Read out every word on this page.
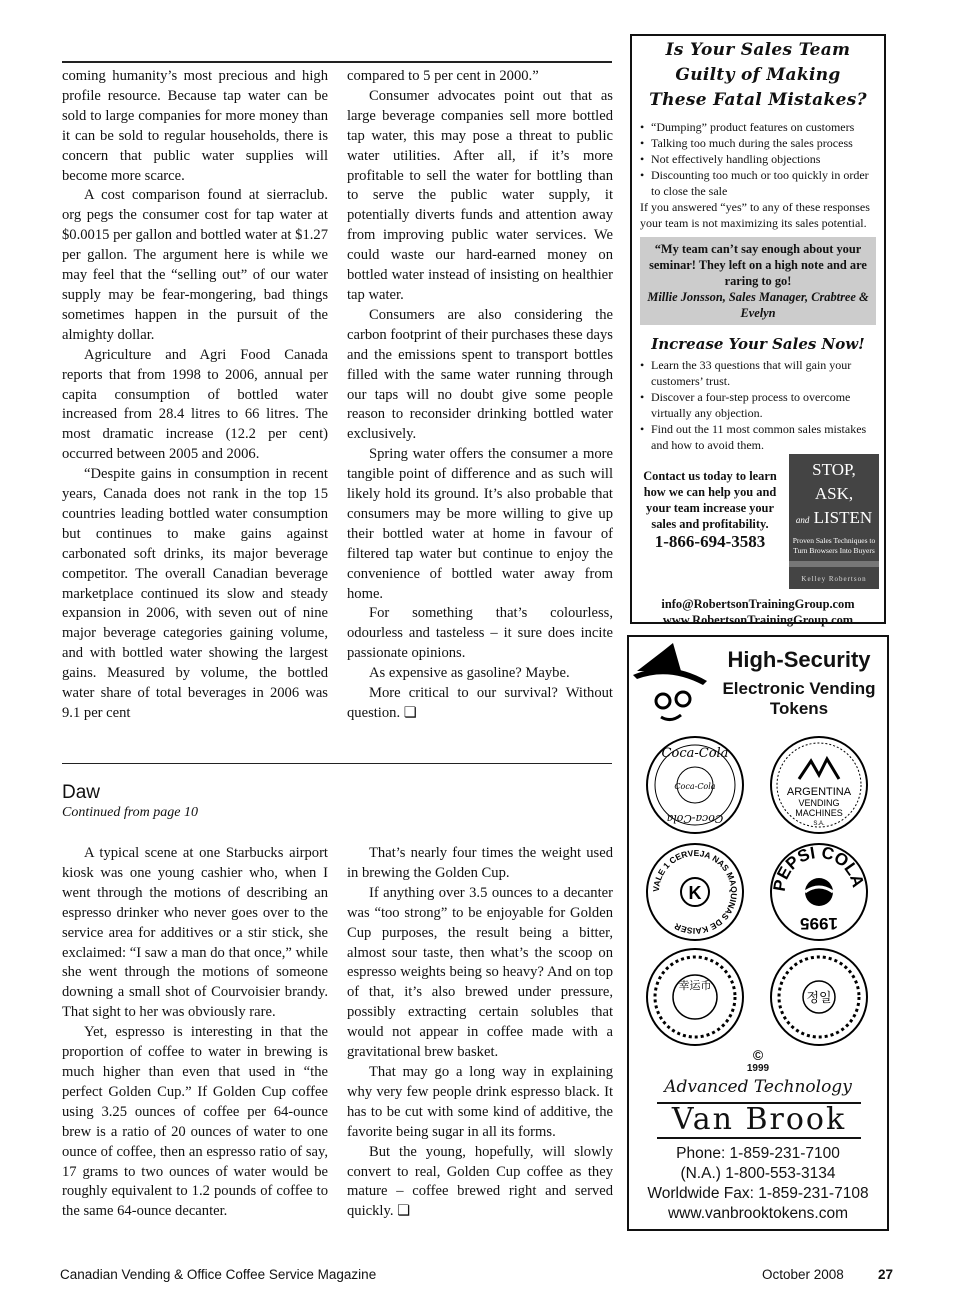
coming humanity’s most precious and high profile resource. Because tap water can be sold to large companies for more money than it can be sold to regular households, there is concern that public water supplies will become more scarce.

A cost comparison found at sierraclub. org pegs the consumer cost for tap water at $0.0015 per gallon and bottled water at $1.27 per gallon. The argument here is while we may feel that the “selling out” of our water supply may be fear-mongering, bad things sometimes happen in the pursuit of the almighty dollar.

Agriculture and Agri Food Canada reports that from 1998 to 2006, annual per capita consumption of bottled water increased from 28.4 litres to 66 litres. The most dramatic increase (12.2 per cent) occurred between 2005 and 2006.

“Despite gains in consumption in recent years, Canada does not rank in the top 15 countries leading bottled water consumption but continues to make gains against carbonated soft drinks, its major beverage competitor. The overall Canadian beverage marketplace continued its slow and steady expansion in 2006, with seven out of nine major beverage categories gaining volume, and with bottled water showing the largest gains. Measured by volume, the bottled water share of total beverages in 2006 was 9.1 per cent

compared to 5 per cent in 2000.”

Consumer advocates point out that as large beverage companies sell more bottled tap water, this may pose a threat to public water utilities. After all, if it’s more profitable to sell the water for bottling than to serve the public water supply, it potentially diverts funds and attention away from improving public water services. We could waste our hard-earned money on bottled water instead of insisting on healthier tap water.

Consumers are also considering the carbon footprint of their purchases these days and the emissions spent to transport bottles filled with the same water running through our taps will no doubt give some people reason to reconsider drinking bottled water exclusively.

Spring water offers the consumer a more tangible point of difference and as such will likely hold its ground. It’s also probable that consumers may be more willing to give up their bottled water at home in favour of filtered tap water but continue to enjoy the convenience of bottled water away from home.

For something that’s colourless, odourless and tasteless – it sure does incite passionate opinions.

As expensive as gasoline? Maybe.

More critical to our survival? Without question. ❏

Daw
Continued from page 10

A typical scene at one Starbucks airport kiosk was one young cashier who, when I went through the motions of describing an espresso drinker who never goes over to the service area for additives or a stir stick, she exclaimed: “I saw a man do that once,” while she went through the motions of someone downing a small shot of Courvoisier brandy. That sight to her was obviously rare.

Yet, espresso is interesting in that the proportion of coffee to water in brewing is much higher than even that used in “the perfect Golden Cup.” If Golden Cup coffee using 3.25 ounces of coffee per 64-ounce brew is a ratio of 20 ounces of water to one ounce of coffee, then an espresso ratio of say, 17 grams to two ounces of water would be roughly equivalent to 1.2 pounds of coffee to the same 64-ounce decanter.

That’s nearly four times the weight used in brewing the Golden Cup.

If anything over 3.5 ounces to a decanter was “too strong” to be enjoyable for Golden Cup purposes, the result being a bitter, almost sour taste, then what’s the scoop on espresso weights being so heavy? And on top of that, it’s also brewed under pressure, possibly extracting certain solubles that would not appear in coffee made with a gravitational brew basket.

That may go a long way in explaining why very few people drink espresso black. It has to be cut with some kind of additive, the favorite being sugar in all its forms.

But the young, hopefully, will slowly convert to real, Golden Cup coffee as they mature – coffee brewed right and served quickly. ❏

Is Your Sales Team
Guilty of Making
These Fatal Mistakes?
• “Dumping” product features on customers
• Talking too much during the sales process
• Not effectively handling objections
• Discounting too much or too quickly in order to close the sale
If you answered “yes” to any of these responses your team is not maximizing its sales potential.
“My team can’t say enough about your seminar! They left on a high note and are raring to go!
Millie Jonsson, Sales Manager, Crabtree & Evelyn
Increase Your Sales Now!
• Learn the 33 questions that will gain your customers’ trust.
• Discover a four-step process to overcome virtually any objection.
• Find out the 11 most common sales mistakes and how to avoid them.
Contact us today to learn how we can help you and your team increase your sales and profitability.
1-866-694-3583
STOP,
ASK,
and LISTEN
Proven Sales Techniques to Turn Browsers Into Buyers
Kelley Robertson
info@RobertsonTrainingGroup.com
www.RobertsonTrainingGroup.com
High-Security
Electronic Vending Tokens
Coca-Cola
Coca-Cola
Coca-Cola	ARGENTINA
VENDING
MACHINES
S.A.
VALE 1 CERVEJA NAS MAQUINAS DE KAISER
K	PEPSI COLA
1995
幸运币
정일
©
1999
Advanced Technology
Van Brook
Phone: 1-859-231-7100
(N.A.) 1-800-553-3134
Worldwide Fax: 1-859-231-7108
www.vanbrooktokens.com
Canadian Vending & Office Coffee Service Magazine	October 2008	27
